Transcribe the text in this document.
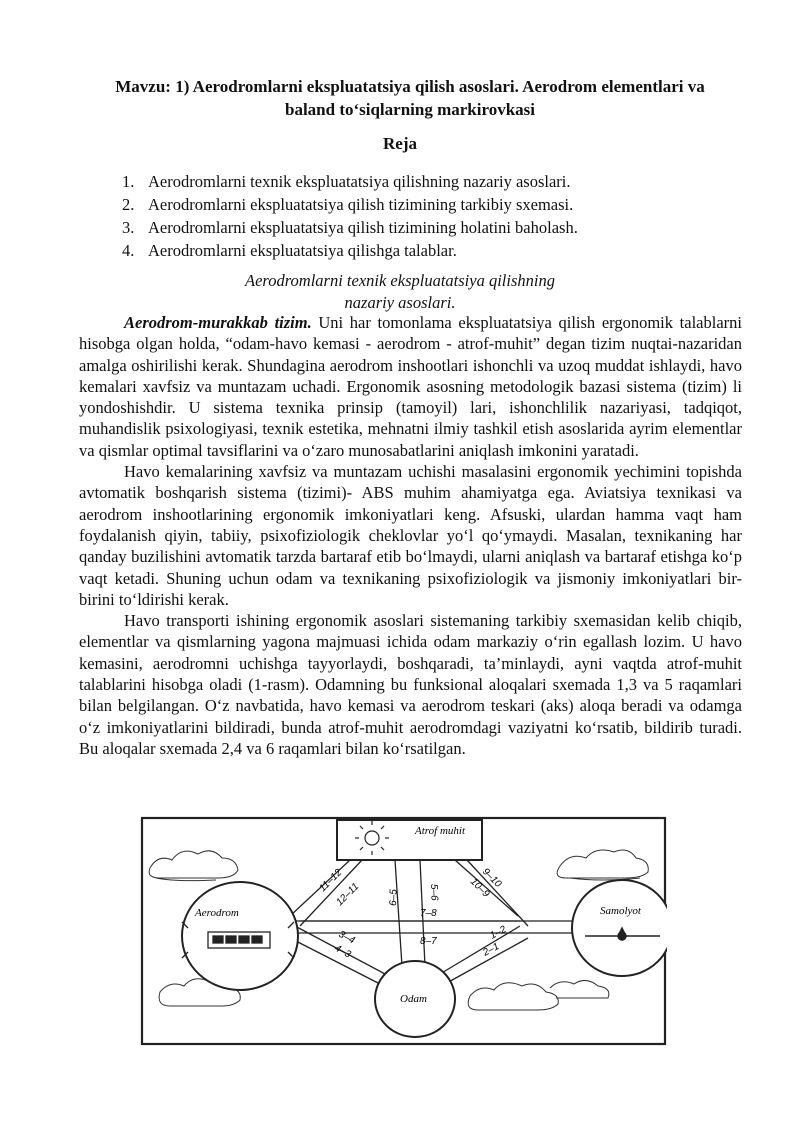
Mavzu: 1) Aerodromlarni ekspluatatsiya qilish asoslari. Aerodrom elementlari va
baland to‘siqlarning markirovkasi
Reja
1. Aerodromlarni texnik ekspluatatsiya qilishning nazariy asoslari.
2. Aerodromlarni ekspluatatsiya qilish tizimining tarkibiy sxemasi.
3. Aerodromlarni ekspluatatsiya qilish tizimining holatini baholash.
4. Aerodromlarni ekspluatatsiya qilishga talablar.
Aerodromlarni texnik ekspluatatsiya qilishning
nazariy asoslari.

Aerodrom-murakkab tizim. Uni har tomonlama ekspluatatsiya qilish ergonomik talablarni hisobga olgan holda, “odam-havo kemasi - aerodrom - atrof-muhit” degan tizim nuqtai-nazaridan amalga oshirilishi kerak. Shundagina aerodrom inshootlari ishonchli va uzoq muddat ishlaydi, havo kemalari xavfsiz va muntazam uchadi. Ergonomik asosning metodologik bazasi sistema (tizim) li yondoshishdir. U sistema texnika prinsip (tamoyil) lari, ishonchlilik nazariyasi, tadqiqot, muhandislik psixologiyasi, texnik estetika, mehnatni ilmiy tashkil etish asoslarida ayrim elementlar va qismlar optimal tavsiflarini va o‘zaro munosabatlarini aniqlash imkonini yaratadi.

Havo kemalarining xavfsiz va muntazam uchishi masalasini ergonomik yechimini topishda avtomatik boshqarish sistema (tizimi)- ABS muhim ahamiyatga ega. Aviatsiya texnikasi va aerodrom inshootlarining ergonomik imkoniyatlari keng. Afsuski, ulardan hamma vaqt ham foydalanish qiyin, tabiiy, psixofiziologik cheklovlar yo‘l qo‘ymaydi. Masalan, texnikaning har qanday buzilishini avtomatik tarzda bartaraf etib bo‘lmaydi, ularni aniqlash va bartaraf etishga ko‘p vaqt ketadi. Shuning uchun odam va texnikaning psixofiziologik va jismoniy imkoniyatlari bir-birini to‘ldirishi kerak.

Havo transporti ishining ergonomik asoslari sistemaning tarkibiy sxemasidan kelib chiqib, elementlar va qismlarning yagona majmuasi ichida odam markaziy o‘rin egallash lozim. U havo kemasini, aerodromni uchishga tayyorlaydi, boshqaradi, ta’minlaydi, ayni vaqtda atrof-muhit talablarini hisobga oladi (1-rasm). Odamning bu funksional aloqalari sxemada 1,3 va 5 raqamlari bilan belgilangan. O‘z navbatida, havo kemasi va aerodrom teskari (aks) aloqa beradi va odamga o‘z imkoniyatlarini bildiradi, bunda atrof-muhit aerodromdagi vaziyatni ko‘rsatib, bildirib turadi. Bu aloqalar sxemada 2,4 va 6 raqamlari bilan ko‘rsatilgan.

Atrof muhit
Aerodrom	Samolyot
Odam
11–12
12–11	6–5	5–6	10–9
9–10
7–8
8–7
3–4
4–3
1–2
2–1
